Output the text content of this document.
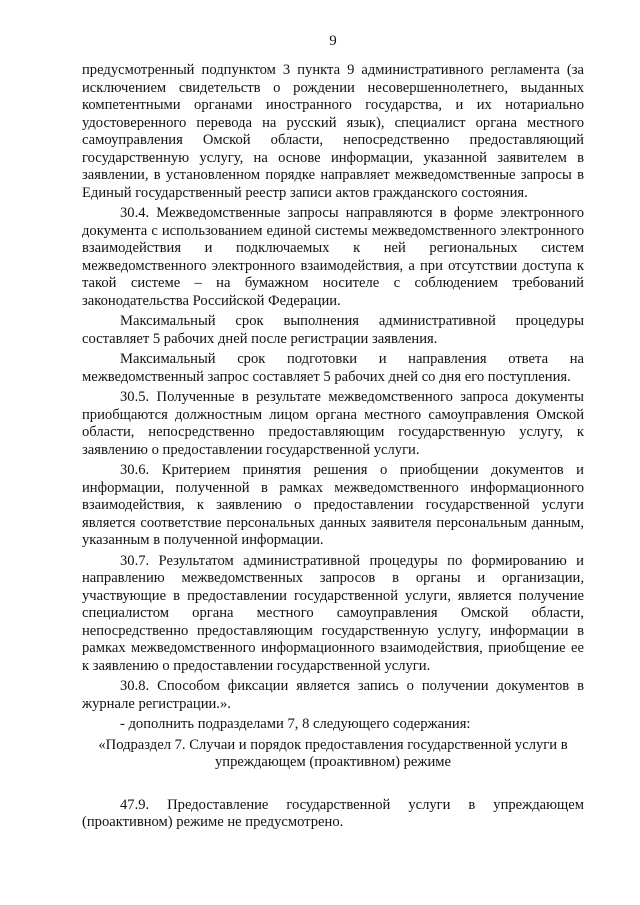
9

предусмотренный подпунктом 3 пункта 9 административного регламента (за исключением свидетельств о рождении несовершеннолетнего, выданных компетентными органами иностранного государства, и их нотариально удостоверенного перевода на русский язык), специалист органа местного самоуправления Омской области, непосредственно предоставляющий государственную услугу, на основе информации, указанной заявителем в заявлении, в установленном порядке направляет межведомственные запросы в Единый государственный реестр записи актов гражданского состояния.

30.4. Межведомственные запросы направляются в форме электронного документа с использованием единой системы межведомственного электронного взаимодействия и подключаемых к ней региональных систем межведомственного электронного взаимодействия, а при отсутствии доступа к такой системе – на бумажном носителе с соблюдением требований законодательства Российской Федерации.

Максимальный срок выполнения административной процедуры составляет 5 рабочих дней после регистрации заявления.

Максимальный срок подготовки и направления ответа на межведомственный запрос составляет 5 рабочих дней со дня его поступления.

30.5. Полученные в результате межведомственного запроса документы приобщаются должностным лицом органа местного самоуправления Омской области, непосредственно предоставляющим государственную услугу, к заявлению о предоставлении государственной услуги.

30.6. Критерием принятия решения о приобщении документов и информации, полученной в рамках межведомственного информационного взаимодействия, к заявлению о предоставлении государственной услуги является соответствие персональных данных заявителя персональным данным, указанным в полученной информации.

30.7. Результатом административной процедуры по формированию и направлению межведомственных запросов в органы и организации, участвующие в предоставлении государственной услуги, является получение специалистом органа местного самоуправления Омской области, непосредственно предоставляющим государственную услугу, информации в рамках межведомственного информационного взаимодействия, приобщение ее к заявлению о предоставлении государственной услуги.

30.8. Способом фиксации является запись о получении документов в журнале регистрации.».

- дополнить подразделами 7, 8 следующего содержания:

«Подраздел 7. Случаи и порядок предоставления государственной услуги в
упреждающем (проактивном) режиме

47.9. Предоставление государственной услуги в упреждающем (проактивном) режиме не предусмотрено.
